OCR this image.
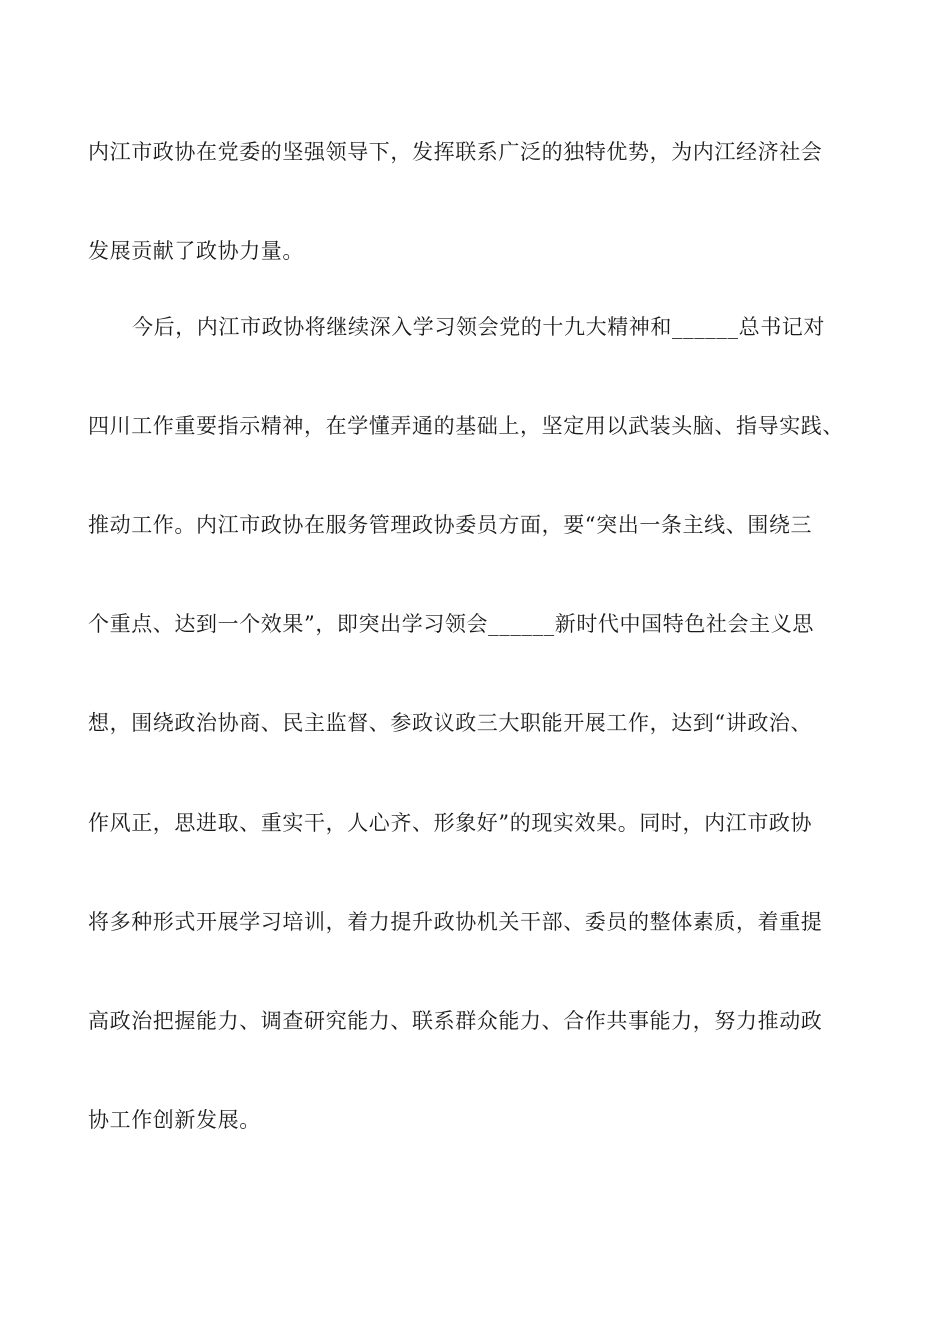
内江市政协在党委的坚强领导下，发挥联系广泛的独特优势，为内江经济社会
发展贡献了政协力量。
今后，内江市政协将继续深入学习领会党的十九大精神和______总书记对
四川工作重要指示精神，在学懂弄通的基础上，坚定用以武装头脑、指导实践、
推动工作。内江市政协在服务管理政协委员方面，要“突出一条主线、围绕三
个重点、达到一个效果”，即突出学习领会______新时代中国特色社会主义思
想，围绕政治协商、民主监督、参政议政三大职能开展工作，达到“讲政治、
作风正，思进取、重实干，人心齐、形象好”的现实效果。同时，内江市政协
将多种形式开展学习培训，着力提升政协机关干部、委员的整体素质，着重提
高政治把握能力、调查研究能力、联系群众能力、合作共事能力，努力推动政
协工作创新发展。
